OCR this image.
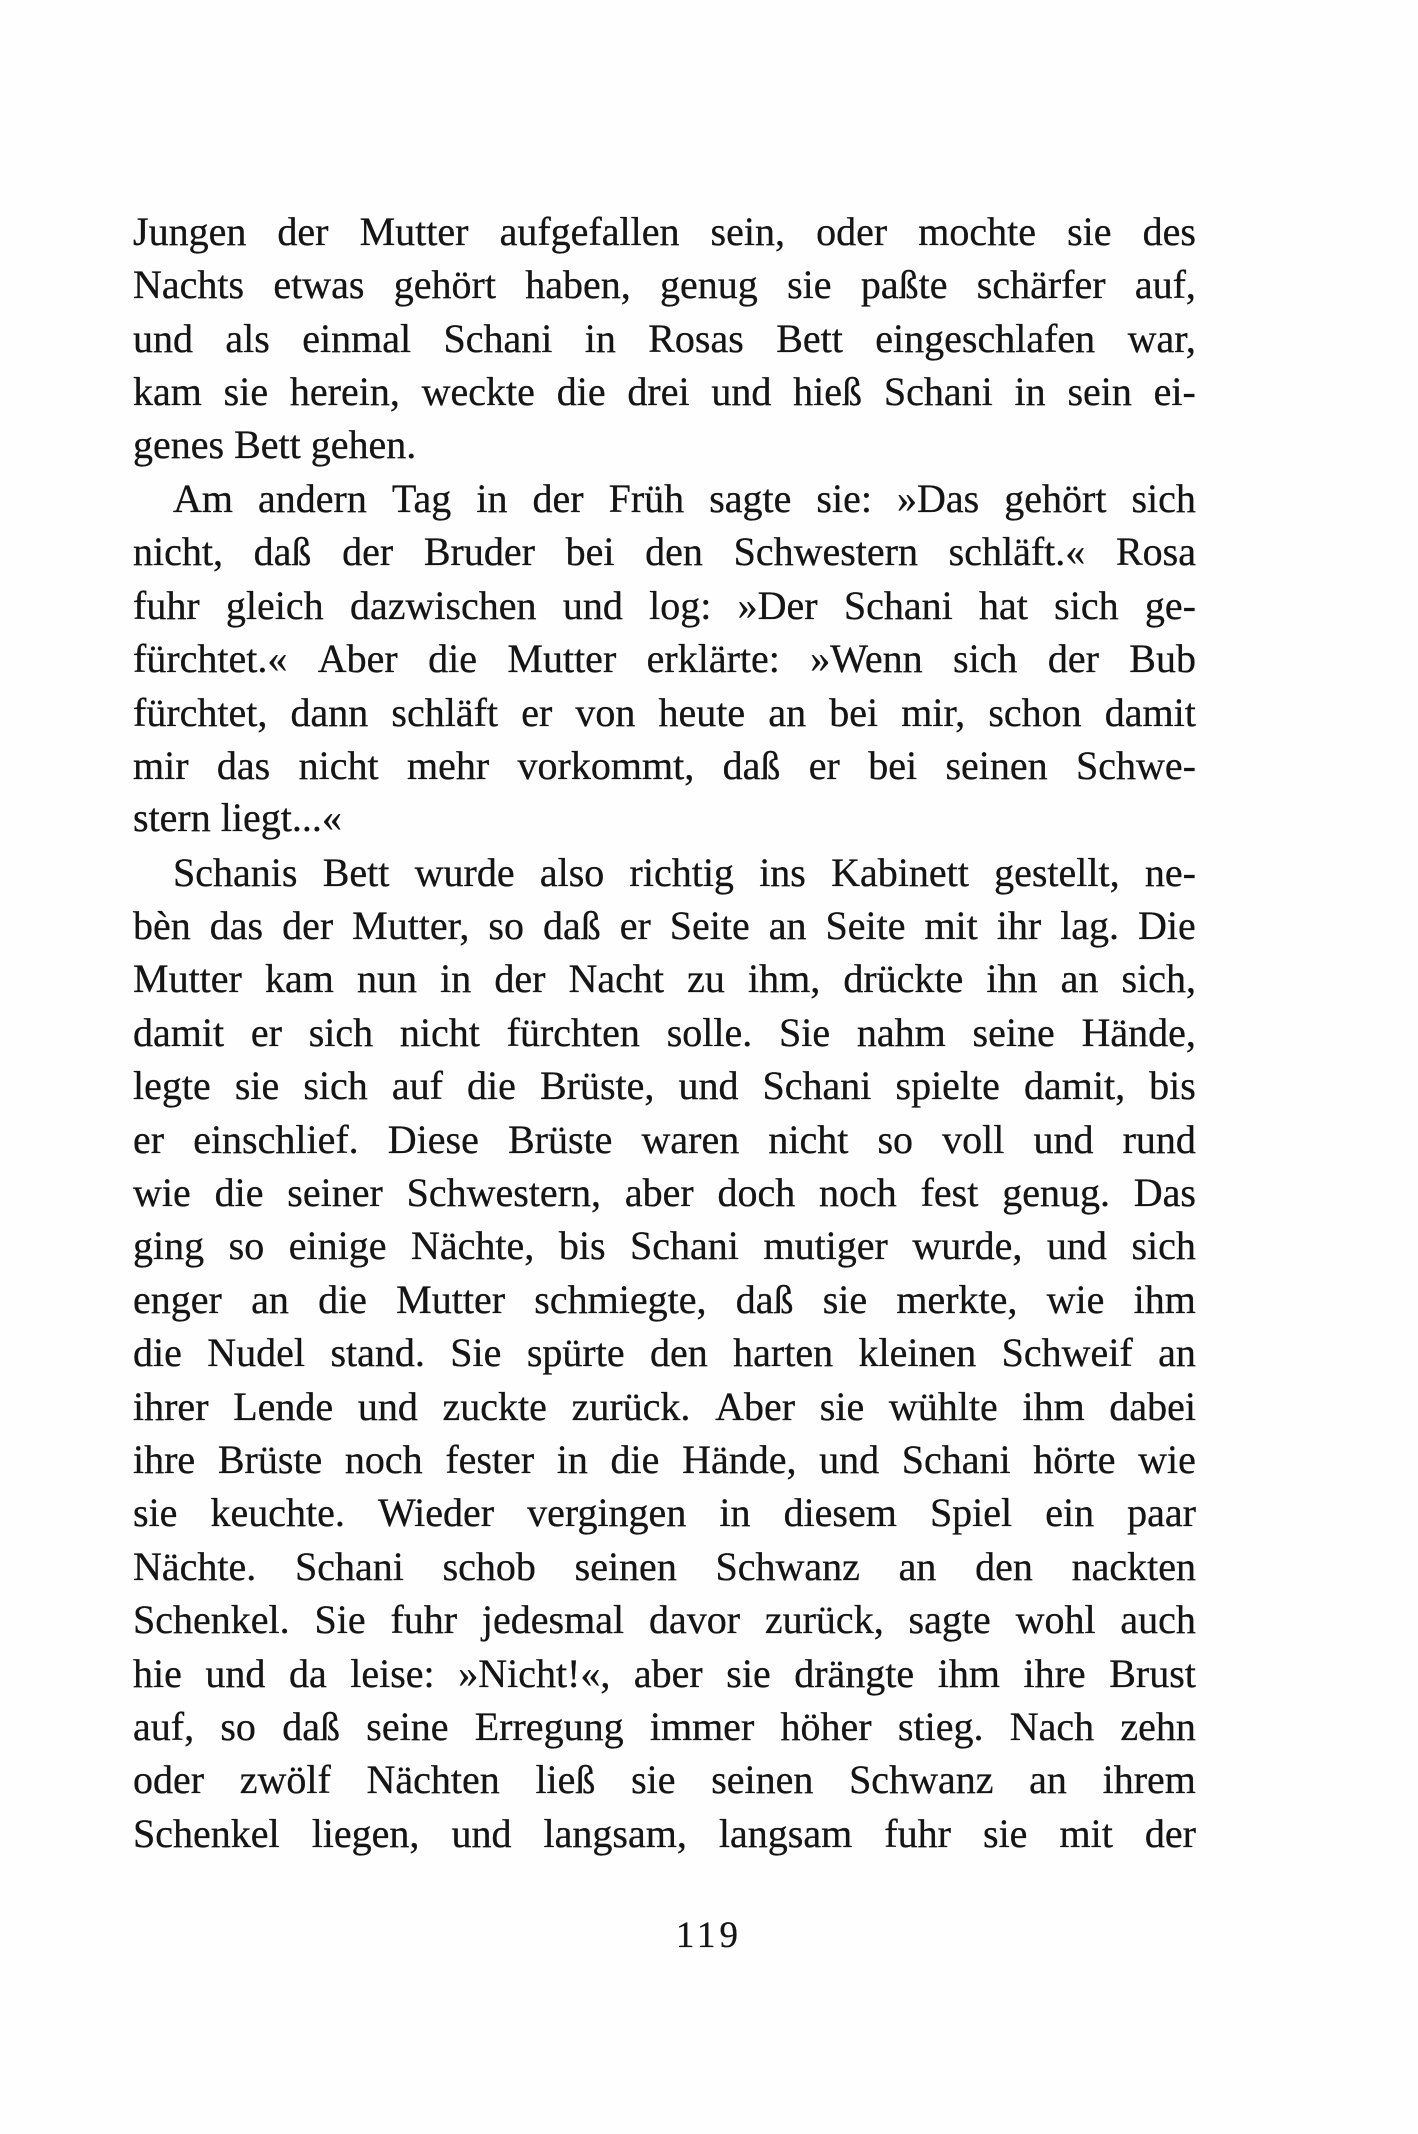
Jungen der Mutter aufgefallen sein, oder mochte sie des
Nachts etwas gehört haben, genug sie paßte schärfer auf,
und als einmal Schani in Rosas Bett eingeschlafen war,
kam sie herein, weckte die drei und hieß Schani in sein ei-
genes Bett gehen.
Am andern Tag in der Früh sagte sie: »Das gehört sich
nicht, daß der Bruder bei den Schwestern schläft.« Rosa
fuhr gleich dazwischen und log: »Der Schani hat sich ge-
fürchtet.« Aber die Mutter erklärte: »Wenn sich der Bub
fürchtet, dann schläft er von heute an bei mir, schon damit
mir das nicht mehr vorkommt, daß er bei seinen Schwe-
stern liegt...«
Schanis Bett wurde also richtig ins Kabinett gestellt, ne-
bèn das der Mutter, so daß er Seite an Seite mit ihr lag. Die
Mutter kam nun in der Nacht zu ihm, drückte ihn an sich,
damit er sich nicht fürchten solle. Sie nahm seine Hände,
legte sie sich auf die Brüste, und Schani spielte damit, bis
er einschlief. Diese Brüste waren nicht so voll und rund
wie die seiner Schwestern, aber doch noch fest genug. Das
ging so einige Nächte, bis Schani mutiger wurde, und sich
enger an die Mutter schmiegte, daß sie merkte, wie ihm
die Nudel stand. Sie spürte den harten kleinen Schweif an
ihrer Lende und zuckte zurück. Aber sie wühlte ihm dabei
ihre Brüste noch fester in die Hände, und Schani hörte wie
sie keuchte. Wieder vergingen in diesem Spiel ein paar
Nächte. Schani schob seinen Schwanz an den nackten
Schenkel. Sie fuhr jedesmal davor zurück, sagte wohl auch
hie und da leise: »Nicht!«, aber sie drängte ihm ihre Brust
auf, so daß seine Erregung immer höher stieg. Nach zehn
oder zwölf Nächten ließ sie seinen Schwanz an ihrem
Schenkel liegen, und langsam, langsam fuhr sie mit der
119
